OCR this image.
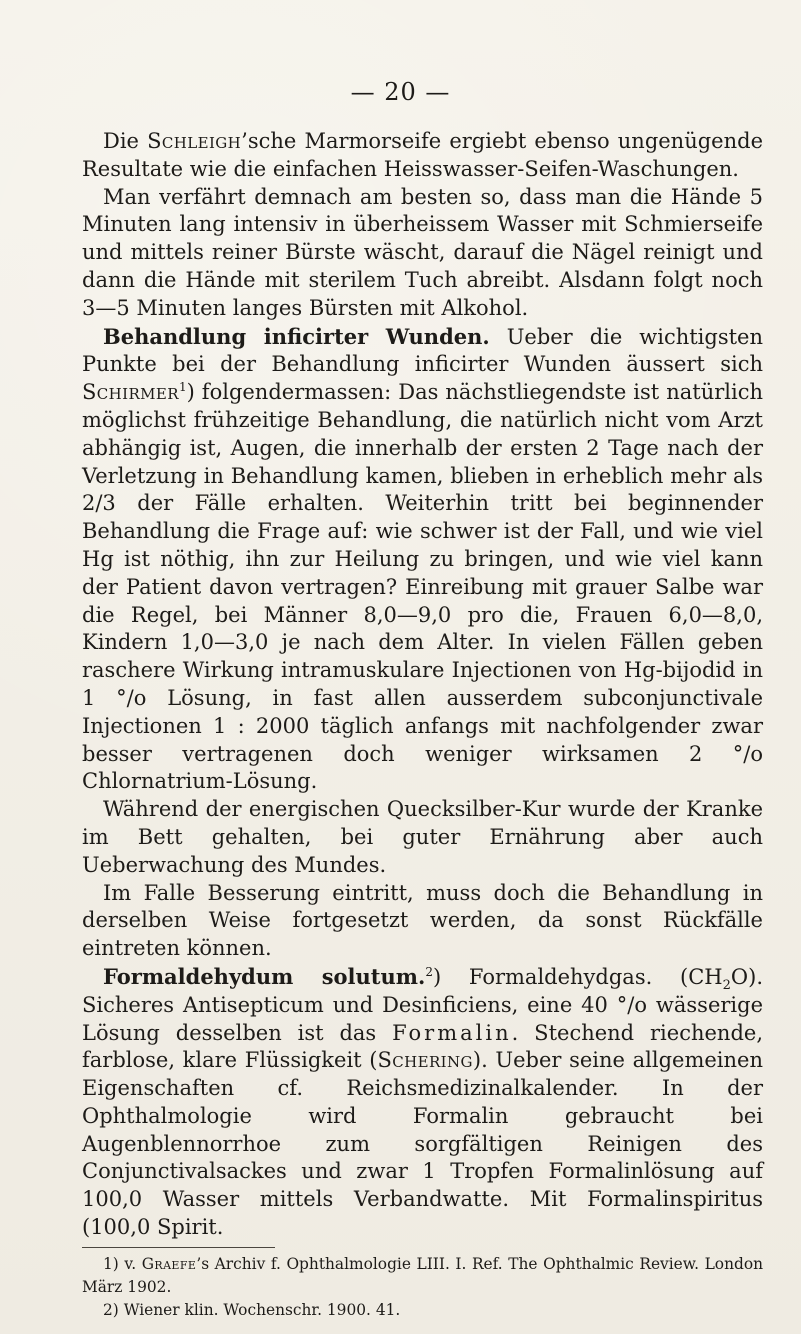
— 20 —

Die Schleigh’sche Marmorseife ergiebt ebenso ungenügende Resultate wie die einfachen Heisswasser-Seifen-Waschungen.

Man verfährt demnach am besten so, dass man die Hände 5 Minuten lang intensiv in überheissem Wasser mit Schmierseife und mittels reiner Bürste wäscht, darauf die Nägel reinigt und dann die Hände mit sterilem Tuch abreibt. Alsdann folgt noch 3—5 Minuten langes Bürsten mit Alkohol.

Behandlung inficirter Wunden. Ueber die wichtigsten Punkte bei der Behandlung inficirter Wunden äussert sich Schirmer$^1$) folgendermassen: Das nächstliegendste ist natürlich möglichst frühzeitige Behandlung, die natürlich nicht vom Arzt abhängig ist, Augen, die innerhalb der ersten 2 Tage nach der Verletzung in Behandlung kamen, blieben in erheblich mehr als 2/3 der Fälle erhalten. Weiterhin tritt bei beginnender Behandlung die Frage auf: wie schwer ist der Fall, und wie viel Hg ist nöthig, ihn zur Heilung zu bringen, und wie viel kann der Patient davon vertragen? Einreibung mit grauer Salbe war die Regel, bei Männer 8,0—9,0 pro die, Frauen 6,0—8,0, Kindern 1,0—3,0 je nach dem Alter. In vielen Fällen geben raschere Wirkung intramuskulare Injectionen von Hg-bijodid in 1 °/o Lösung, in fast allen ausserdem subconjunctivale Injectionen 1 : 2000 täglich anfangs mit nachfolgender zwar besser vertragenen doch weniger wirksamen 2 °/o Chlornatrium-Lösung.

Während der energischen Quecksilber-Kur wurde der Kranke im Bett gehalten, bei guter Ernährung aber auch Ueberwachung des Mundes.

Im Falle Besserung eintritt, muss doch die Behandlung in derselben Weise fortgesetzt werden, da sonst Rückfälle eintreten können.

Formaldehydum solutum.$^2$) Formaldehydgas. $(CH_2O)$. Sicheres Antisepticum und Desinficiens, eine 40 °/o wässerige Lösung desselben ist das Formalin. Stechend riechende, farblose, klare Flüssigkeit (Schering). Ueber seine allgemeinen Eigenschaften cf. Reichsmedizinalkalender. In der Ophthalmologie wird Formalin gebraucht bei Augenblennorrhoe zum sorgfältigen Reinigen des Conjunctivalsackes und zwar 1 Tropfen Formalinlösung auf 100,0 Wasser mittels Verbandwatte. Mit Formalinspiritus (100,0 Spirit.

1) v. Graefe’s Archiv f. Ophthalmologie LIII. I. Ref. The Ophthalmic Review. London März 1902.

2) Wiener klin. Wochenschr. 1900. 41.
